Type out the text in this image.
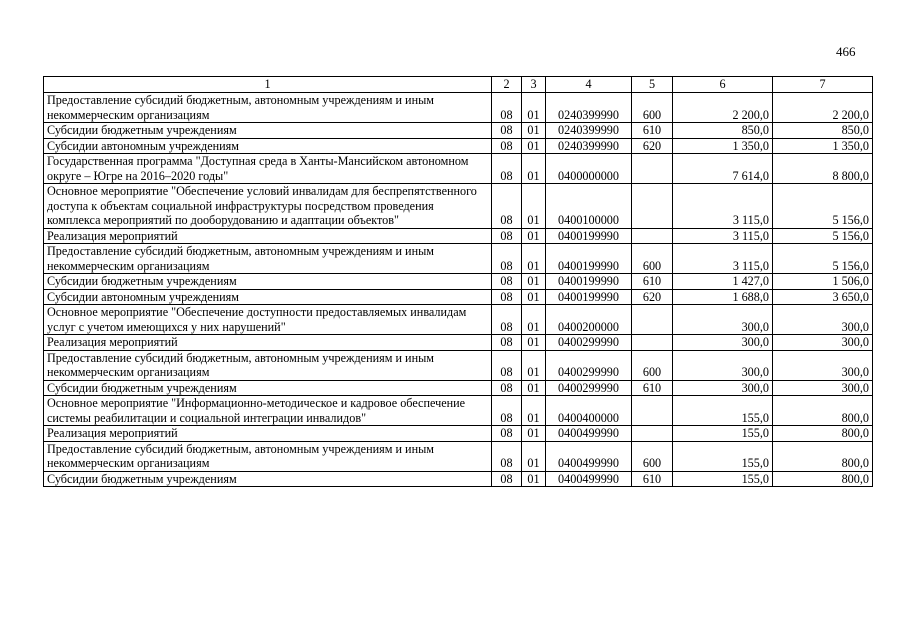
466
1	2	3	4	5	6	7
Предоставление субсидий бюджетным, автономным учреждениям и иным некоммерческим организациям	08	01	0240399990	600	2 200,0	2 200,0
Субсидии бюджетным учреждениям	08	01	0240399990	610	850,0	850,0
Субсидии автономным учреждениям	08	01	0240399990	620	1 350,0	1 350,0
Государственная программа "Доступная среда в Ханты-Мансийском автономном округе – Югре на 2016–2020 годы"	08	01	0400000000		7 614,0	8 800,0
Основное мероприятие "Обеспечение условий инвалидам для беспрепятственного доступа к объектам социальной инфраструктуры посредством проведения комплекса мероприятий по дооборудованию и адаптации объектов"	08	01	0400100000		3 115,0	5 156,0
Реализация мероприятий	08	01	0400199990		3 115,0	5 156,0
Предоставление субсидий бюджетным, автономным учреждениям и иным некоммерческим организациям	08	01	0400199990	600	3 115,0	5 156,0
Субсидии бюджетным учреждениям	08	01	0400199990	610	1 427,0	1 506,0
Субсидии автономным учреждениям	08	01	0400199990	620	1 688,0	3 650,0
Основное мероприятие "Обеспечение доступности предоставляемых инвалидам услуг с учетом имеющихся у них нарушений"	08	01	0400200000		300,0	300,0
Реализация мероприятий	08	01	0400299990		300,0	300,0
Предоставление субсидий бюджетным, автономным учреждениям и иным некоммерческим организациям	08	01	0400299990	600	300,0	300,0
Субсидии бюджетным учреждениям	08	01	0400299990	610	300,0	300,0
Основное мероприятие "Информационно-методическое и кадровое обеспечение системы реабилитации и социальной интеграции инвалидов"	08	01	0400400000		155,0	800,0
Реализация мероприятий	08	01	0400499990		155,0	800,0
Предоставление субсидий бюджетным, автономным учреждениям и иным некоммерческим организациям	08	01	0400499990	600	155,0	800,0
Субсидии бюджетным учреждениям	08	01	0400499990	610	155,0	800,0
